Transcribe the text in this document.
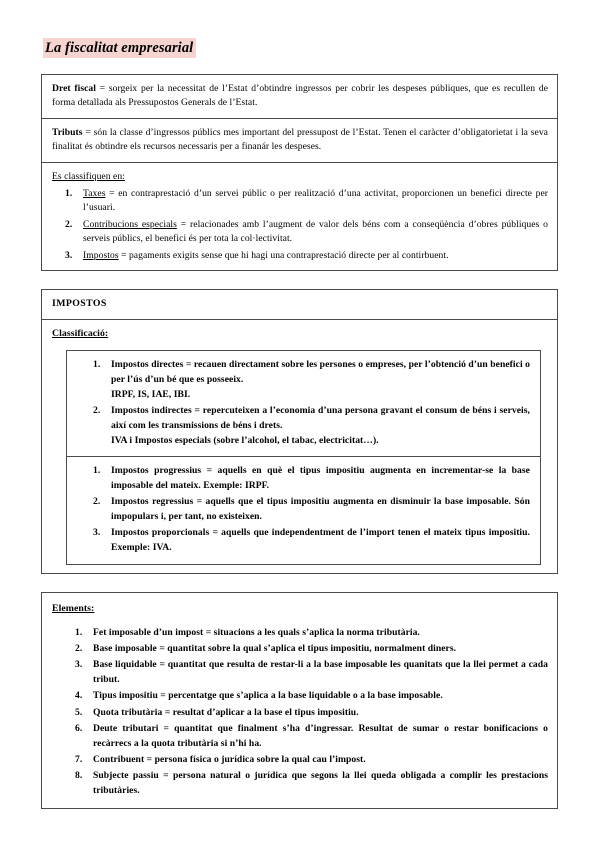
La fiscalitat empresarial

Dret fiscal = sorgeix per la necessitat de l’Estat d’obtindre ingressos per cobrir les despeses públiques, que es recullen de forma detallada als Pressupostos Generals de l’Estat.

Tributs = són la classe d’ingressos públics mes important del pressupost de l’Estat. Tenen el caràcter d’obligatorietat i la seva finalitat és obtindre els recursos necessaris per a finanár les despeses.

Es classifiquen en:

Taxes = en contraprestació d’un servei públic o per realització d’una activitat, proporcionen un benefici directe per l’usuari.
Contribucions especials = relacionades amb l’augment de valor dels béns com a conseqüència d’obres públiques o serveis públics, el benefici és per tota la col·lectivitat.
Impostos = pagaments exigits sense que hi hagi una contraprestació directe per al contirbuent.

IMPOSTOS

Classificació:

Impostos directes = recauen directament sobre les persones o empreses, per l’obtenció d’un benefici o per l’ús d’un bé que es posseeix.
IRPF, IS, IAE, IBI.
Impostos indirectes = repercuteixen a l’economia d’una persona gravant el consum de béns i serveis, així com les transmissions de béns i drets.
IVA i Impostos especials (sobre l’alcohol, el tabac, electricitat…).
Impostos progressius = aquells en què el tipus impositiu augmenta en incrementar-se la base imposable del mateix. Exemple: IRPF.
Impostos regressius = aquells que el tipus impositiu augmenta en disminuir la base imposable. Són impopulars i, per tant, no existeixen.
Impostos proporcionals = aquells que independentment de l’import tenen el mateix tipus impositiu. Exemple: IVA.

Elements:

Fet imposable d’un impost = situacions a les quals s’aplica la norma tributària.
Base imposable = quantitat sobre la qual s’aplica el tipus impositiu, normalment diners.
Base liquidable = quantitat que resulta de restar-li a la base imposable les quanitats que la llei permet a cada tribut.
Tipus impositiu = percentatge que s’aplica a la base liquidable o a la base imposable.
Quota tributària = resultat d’aplicar a la base el tipus impositiu.
Deute tributari = quantitat que finalment s’ha d’ingressar. Resultat de sumar o restar bonificacions o recàrrecs a la quota tributària si n’hi ha.
Contribuent = persona física o jurídica sobre la qual cau l’impost.
Subjecte passiu = persona natural o jurídica que segons la llei queda obligada a complir les prestacions tributàries.
